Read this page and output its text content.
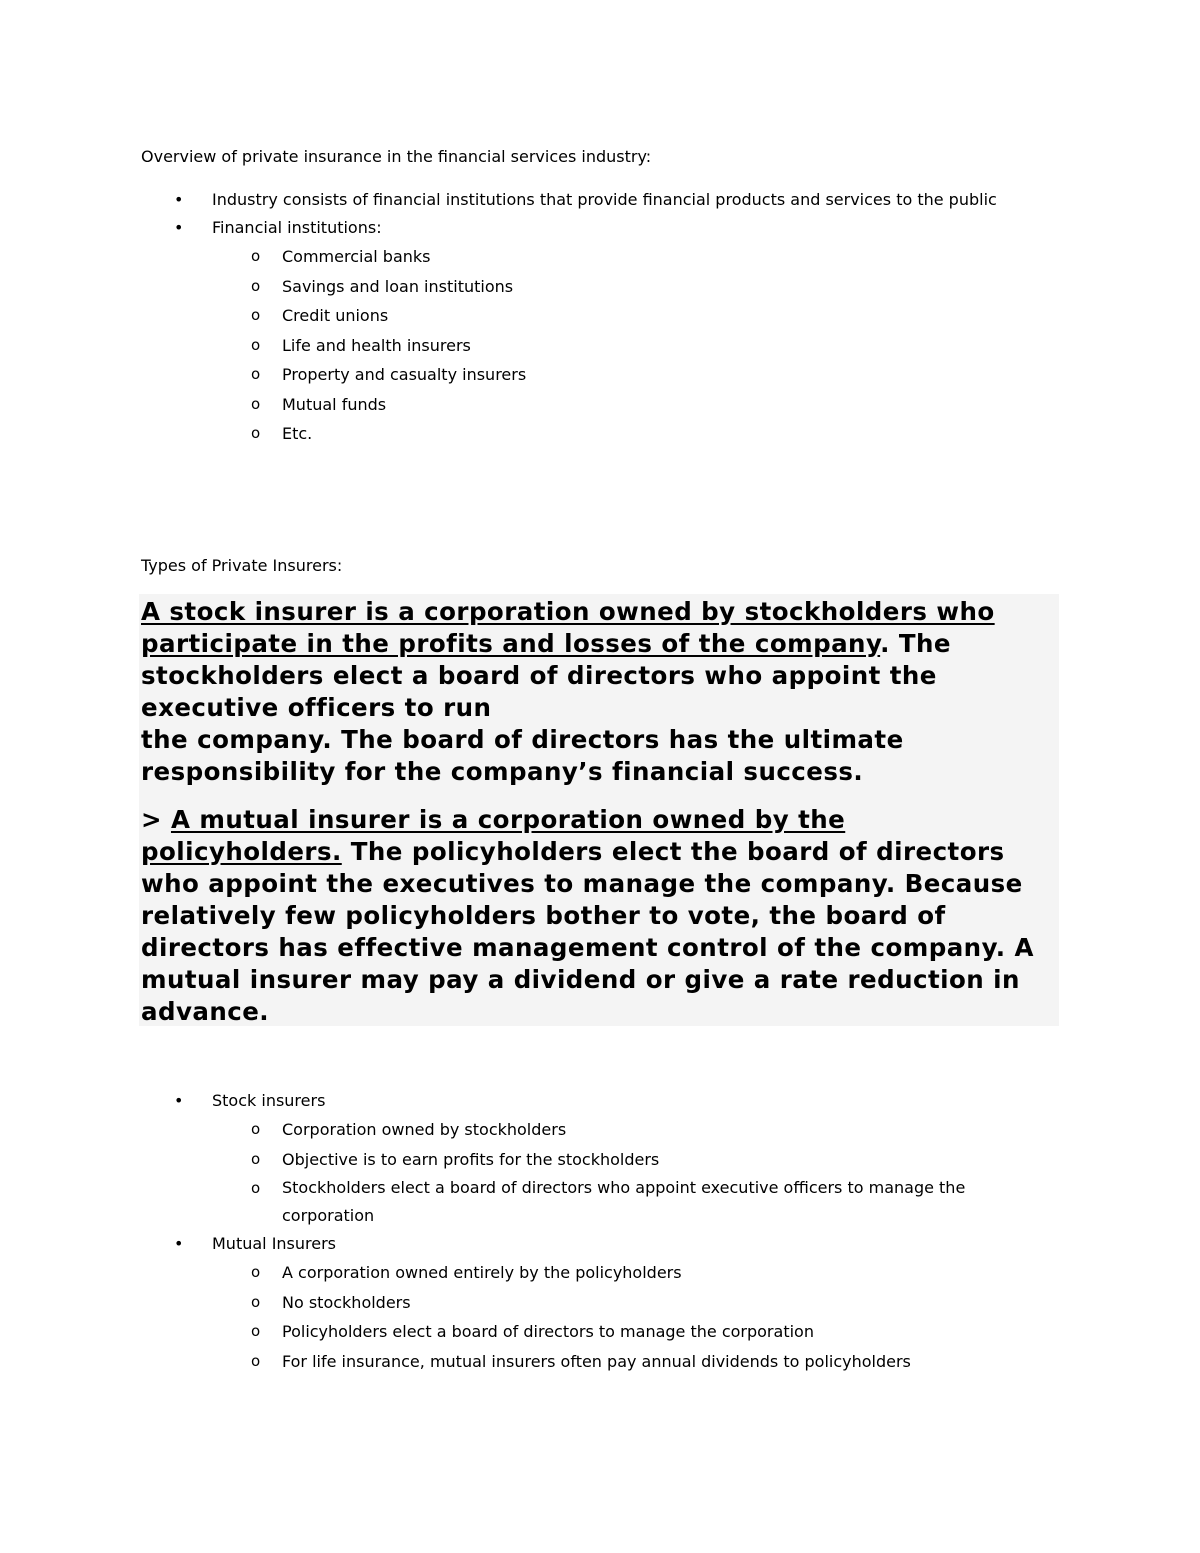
Overview of private insurance in the financial services industry:
• Industry consists of financial institutions that provide financial products and services to the public
• Financial institutions:
o Commercial banks
o Savings and loan institutions
o Credit unions
o Life and health insurers
o Property and casualty insurers
o Mutual funds
o Etc.
Types of Private Insurers:
A stock insurer is a corporation owned by stockholders who participate in the profits and losses of the company. The stockholders elect a board of directors who appoint the executive officers to run
the company. The board of directors has the ultimate responsibility for the company’s financial success.
> A mutual insurer is a corporation owned by the policyholders. The policyholders elect the board of directors who appoint the executives to manage the company. Because relatively few policyholders bother to vote, the board of directors has effective management control of the company. A mutual insurer may pay a dividend or give a rate reduction in advance.
• Stock insurers
o Corporation owned by stockholders
o Objective is to earn profits for the stockholders
o Stockholders elect a board of directors who appoint executive officers to manage the corporation
• Mutual Insurers
o A corporation owned entirely by the policyholders
o No stockholders
o Policyholders elect a board of directors to manage the corporation
o For life insurance, mutual insurers often pay annual dividends to policyholders
